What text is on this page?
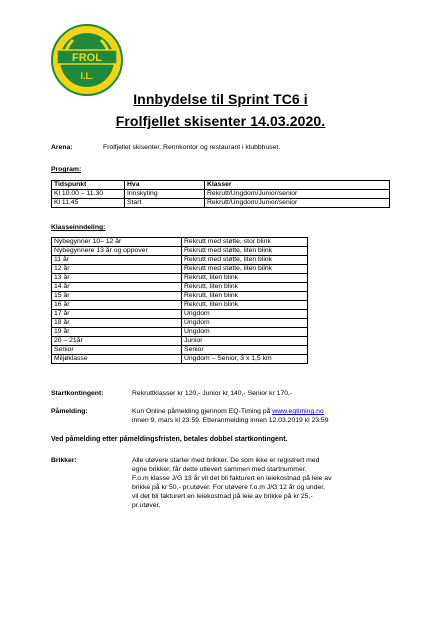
FROL
I.L.
Innbydelse til Sprint TC6 i
Frolfjellet skisenter 14.03.2020.
Arena:	Frolfjellet skisenter. Rennkontor og restaurant i klubbhuset.
Program:
Tidspunkt	Hva	Klasser
Kl 10.00 – 11.30	Innskyting	Rekrutt/Ungdom/Junior/senior
Kl 11.45	Start	Rekrutt/Ungdom/Junior/senior
Klasseinndeling:
Nybegynner 10– 12 år	Rekrutt med støtte, stor blink
Nybegynnere 13 år og oppover	Rekrutt med støtte, liten blink
11 år	Rekrutt med støtte, liten blink
12 år	Rekrutt med støtte, liten blink
13 år	Rekrutt, liten blink
14 år	Rekrutt, liten blink
15 år	Rekrutt, liten blink
16 år	Rekrutt, liten blink
17 år	Ungdom
18 år	Ungdom
19 år	Ungdom
20 – 21år	Junior
Senior	Senior
Miljøklasse	Ungdom – Senior, 3 x 1,5 km
Startkontingent:	Rekruttklasser kr 120,- Junior kr 140,- Senior kr 170,-
Påmelding:	Kun Online påmelding gjennom EQ-Timing på www.eqtiming.no
innen 9. mars kl 23.59. Etteranmelding innen 12.03.2019 kl 23:59
Ved påmelding etter påmeldingsfristen, betales dobbel startkontingent.
Brikker:	Alle utøvere starter med brikker. De som ikke er registrert med
egne brikker, får dette utlevert sammen med startnummer.
F.o.m klasse J/G 13 år vil det bli fakturert en leiekostnad på leie av
brikke på kr 50,- pr.utøver. For utøvere f.o.m J/G 12 år og under,
vil det bli fakturert en leiekostnad på leie av brikke på kr 25,-
pr.utøver.
